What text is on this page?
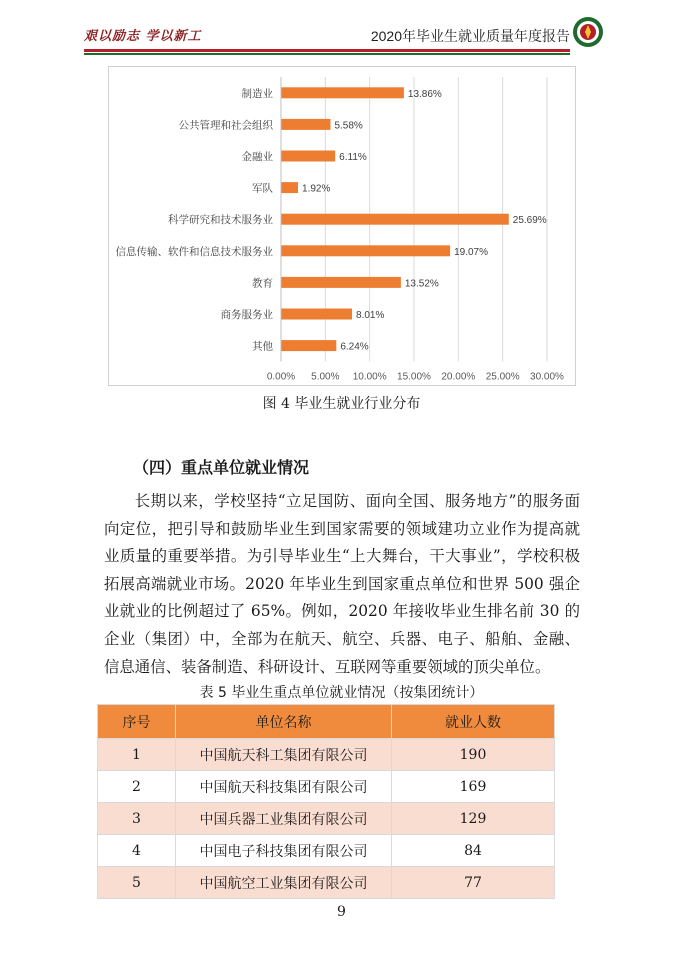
艰以励志 学以新工	2020年毕业生就业质量年度报告
0.00% 5.00% 10.00% 15.00% 20.00% 25.00% 30.00%
制造业	13.86%
公共管理和社会组织	5.58%
金融业	6.11%
军队	1.92%
科学研究和技术服务业	25.69%
信息传输、软件和信息技术服务业	19.07%
教育	13.52%
商务服务业	8.01%
其他	6.24%
图 4 毕业生就业行业分布
（四）重点单位就业情况
长期以来，学校坚持“立足国防、面向全国、服务地方”的服务面向定位，把引导和鼓励毕业生到国家需要的领域建功立业作为提高就业质量的重要举措。为引导毕业生“上大舞台，干大事业”，学校积极拓展高端就业市场。2020 年毕业生到国家重点单位和世界 500 强企业就业的比例超过了 65%。例如，2020 年接收毕业生排名前 30 的企业（集团）中，全部为在航天、航空、兵器、电子、船舶、金融、信息通信、装备制造、科研设计、互联网等重要领域的顶尖单位。
表 5 毕业生重点单位就业情况（按集团统计）
序号	单位名称	就业人数
1	中国航天科工集团有限公司	190
2	中国航天科技集团有限公司	169
3	中国兵器工业集团有限公司	129
4	中国电子科技集团有限公司	84
5	中国航空工业集团有限公司	77
9
